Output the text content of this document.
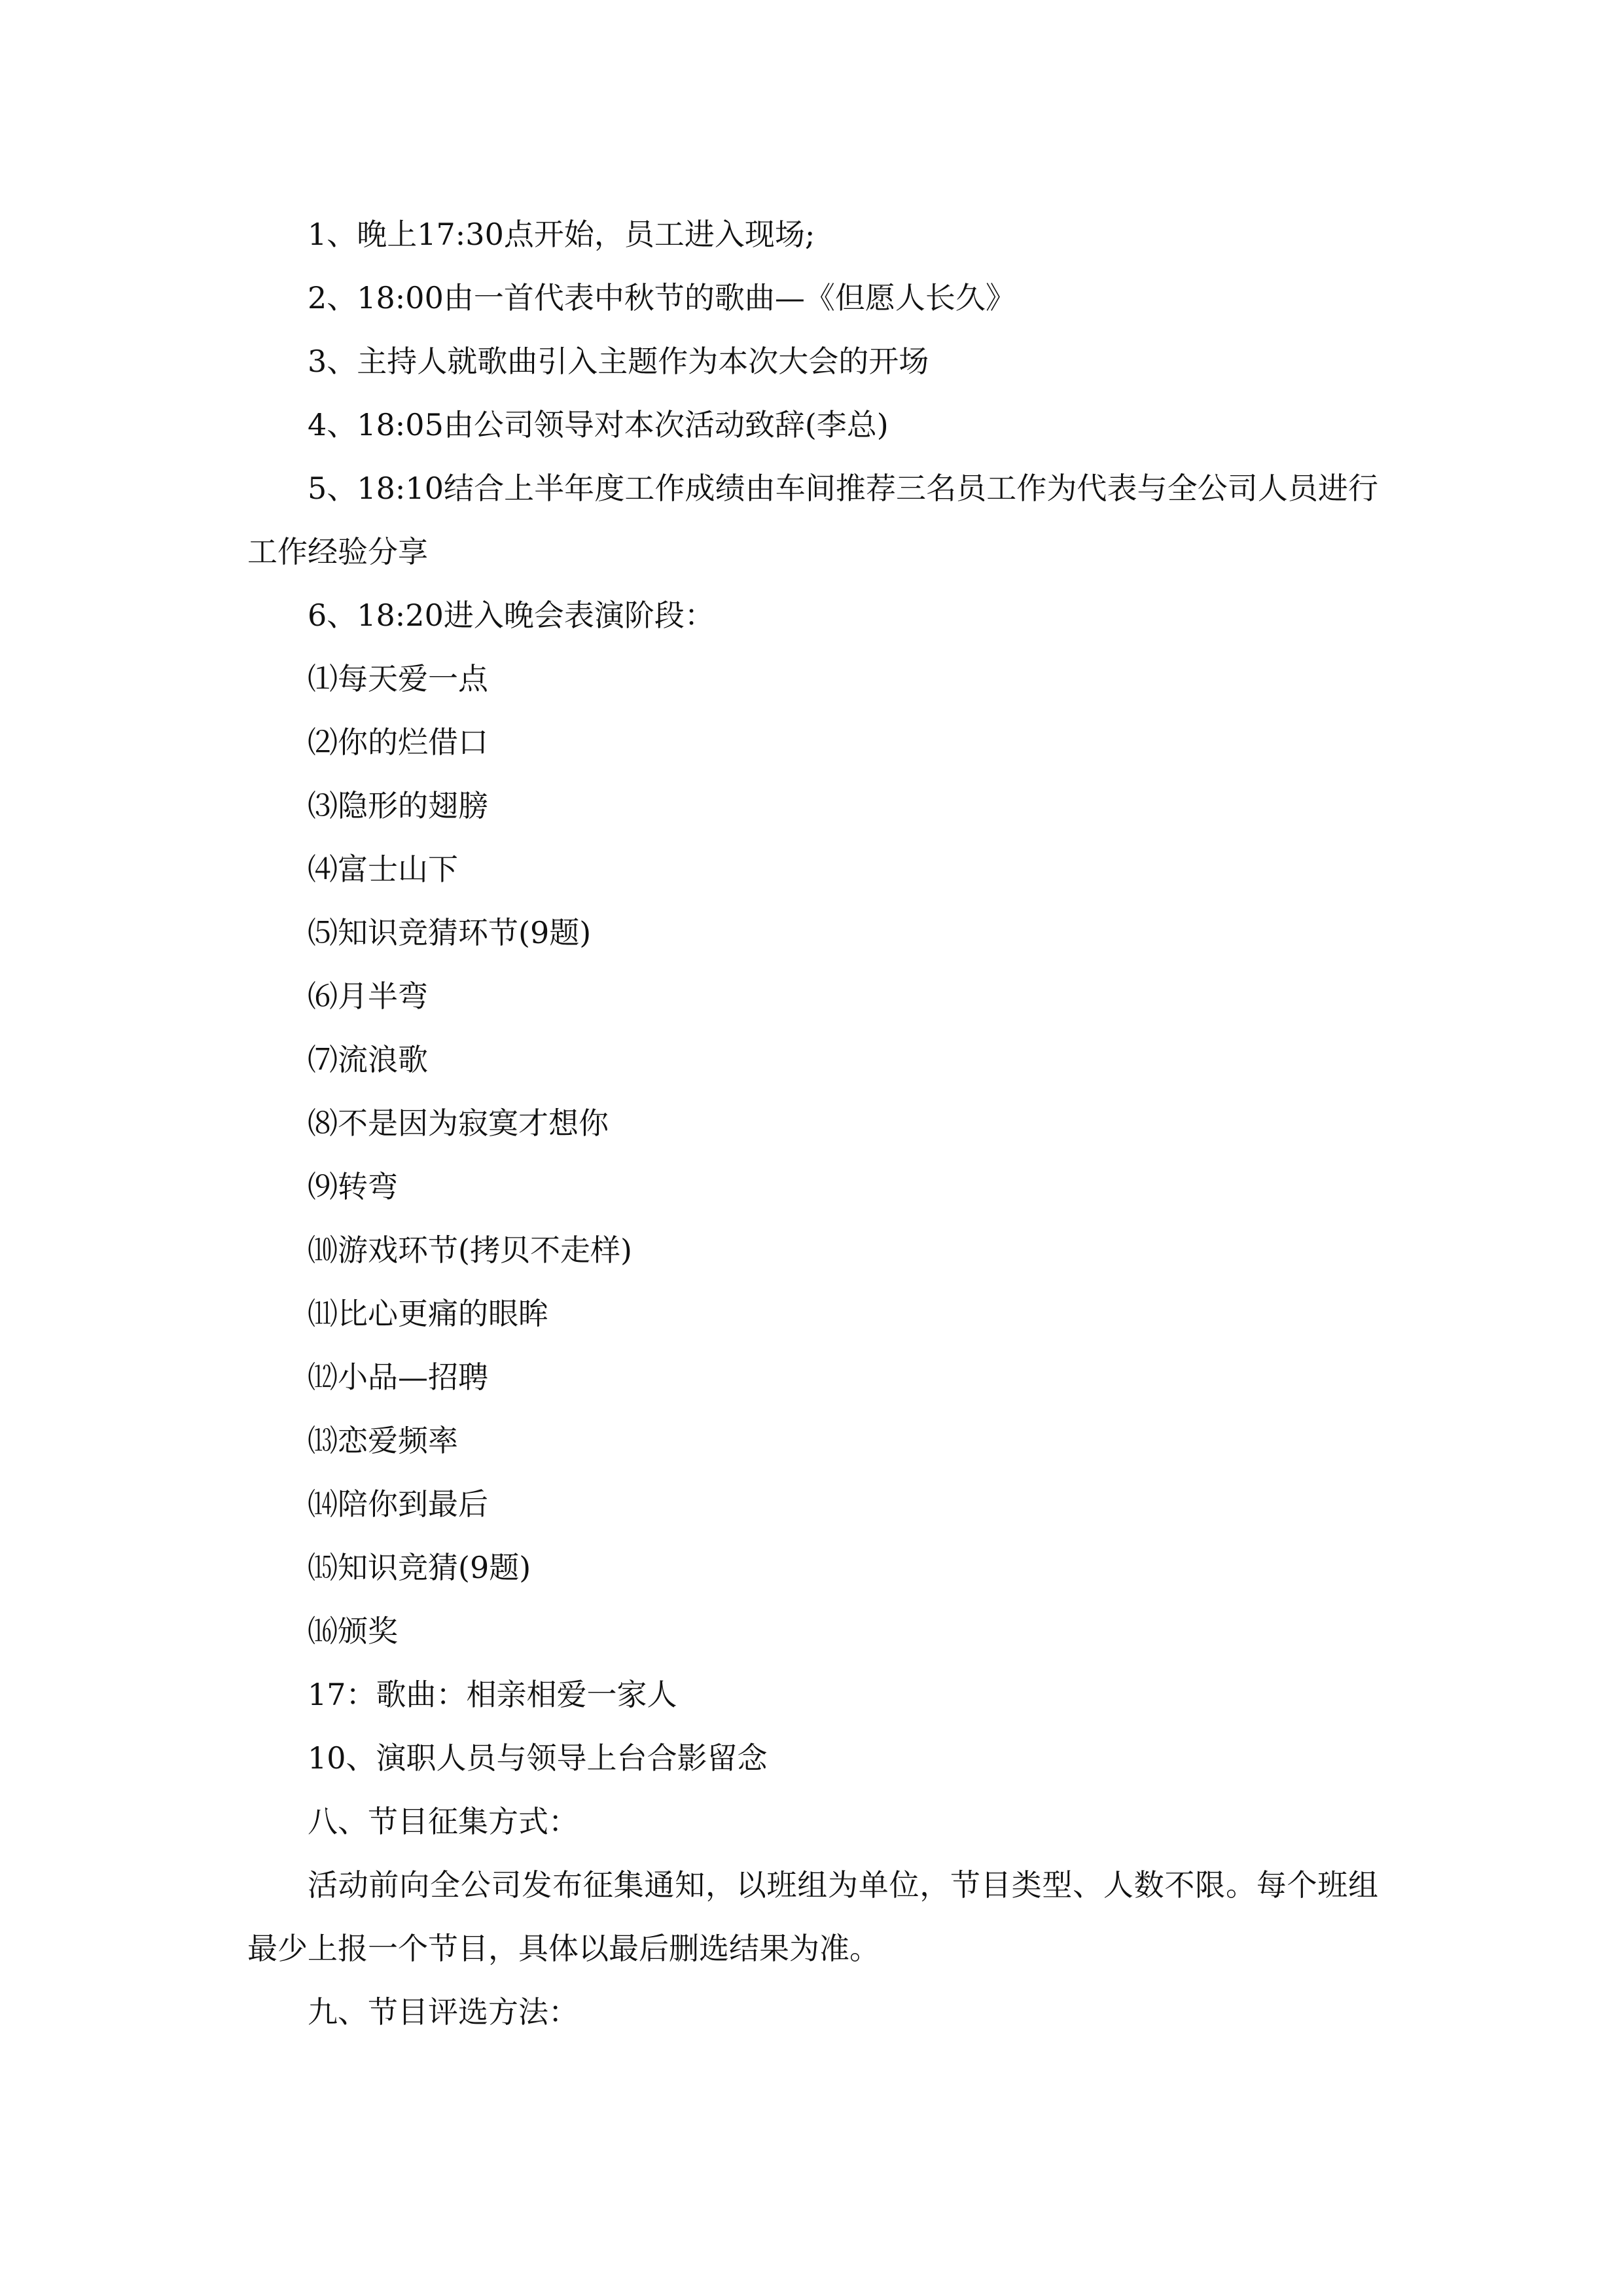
1、晚上17:30点开始，员工进入现场;

2、18:00由一首代表中秋节的歌曲—《但愿人长久》

3、主持人就歌曲引入主题作为本次大会的开场

4、18:05由公司领导对本次活动致辞(李总)

5、18:10结合上半年度工作成绩由车间推荐三名员工作为代表与全公司人员进行工作经验分享

6、18:20进入晚会表演阶段：

⑴每天爱一点

⑵你的烂借口

⑶隐形的翅膀

⑷富士山下

⑸知识竞猜环节(9题)

⑹月半弯

⑺流浪歌

⑻不是因为寂寞才想你

⑼转弯

⑽游戏环节(拷贝不走样)

⑾比心更痛的眼眸

⑿小品—招聘

⒀恋爱频率

⒁陪你到最后

⒂知识竞猜(9题)

⒃颁奖

17：歌曲：相亲相爱一家人

10、演职人员与领导上台合影留念

八、节目征集方式：

活动前向全公司发布征集通知，以班组为单位，节目类型、人数不限。每个班组最少上报一个节目，具体以最后删选结果为准。

九、节目评选方法：
